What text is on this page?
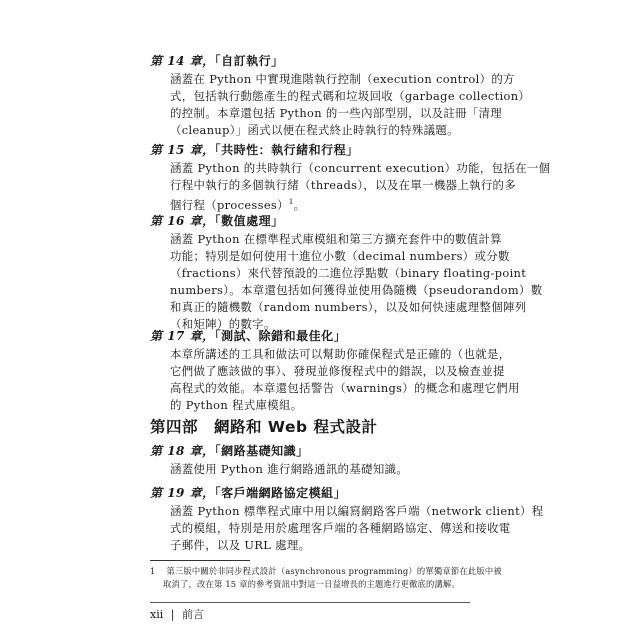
第 14 章，「自訂執行」
涵蓋在 Python 中實現進階執行控制（execution control）的方
式，包括執行動態產生的程式碼和垃圾回收（garbage collection）
的控制。本章還包括 Python 的一些內部型別，以及註冊「清理
（cleanup）」函式以便在程式終止時執行的特殊議題。
第 15 章，「共時性：執行緒和行程」
涵蓋 Python 的共時執行（concurrent execution）功能，包括在一個
行程中執行的多個執行緒（threads），以及在單一機器上執行的多
個行程（processes）$^1$。
第 16 章，「數值處理」
涵蓋 Python 在標準程式庫模組和第三方擴充套件中的數值計算
功能；特別是如何使用十進位小數（decimal numbers）或分數
（fractions）來代替預設的二進位浮點數（binary floating-point
numbers）。本章還包括如何獲得並使用偽隨機（pseudorandom）數
和真正的隨機數（random numbers），以及如何快速處理整個陣列
（和矩陣）的數字。
第 17 章，「測試、除錯和最佳化」
本章所講述的工具和做法可以幫助你確保程式是正確的（也就是，
它們做了應該做的事）、發現並修復程式中的錯誤，以及檢查並提
高程式的效能。本章還包括警告（warnings）的概念和處理它們用
的 Python 程式庫模組。
第四部　網路和 Web 程式設計
第 18 章，「網路基礎知識」
涵蓋使用 Python 進行網路通訊的基礎知識。
第 19 章，「客戶端網路協定模組」
涵蓋 Python 標準程式庫中用以編寫網路客戶端（network client）程
式的模組，特別是用於處理客戶端的各種網路協定、傳送和接收電
子郵件，以及 URL 處理。
1 第三版中關於非同步程式設計（asynchronous programming）的單獨章節在此版中被
取消了，改在第 15 章的參考資訊中對這一日益增長的主題進行更徹底的講解。
xii | 前言
